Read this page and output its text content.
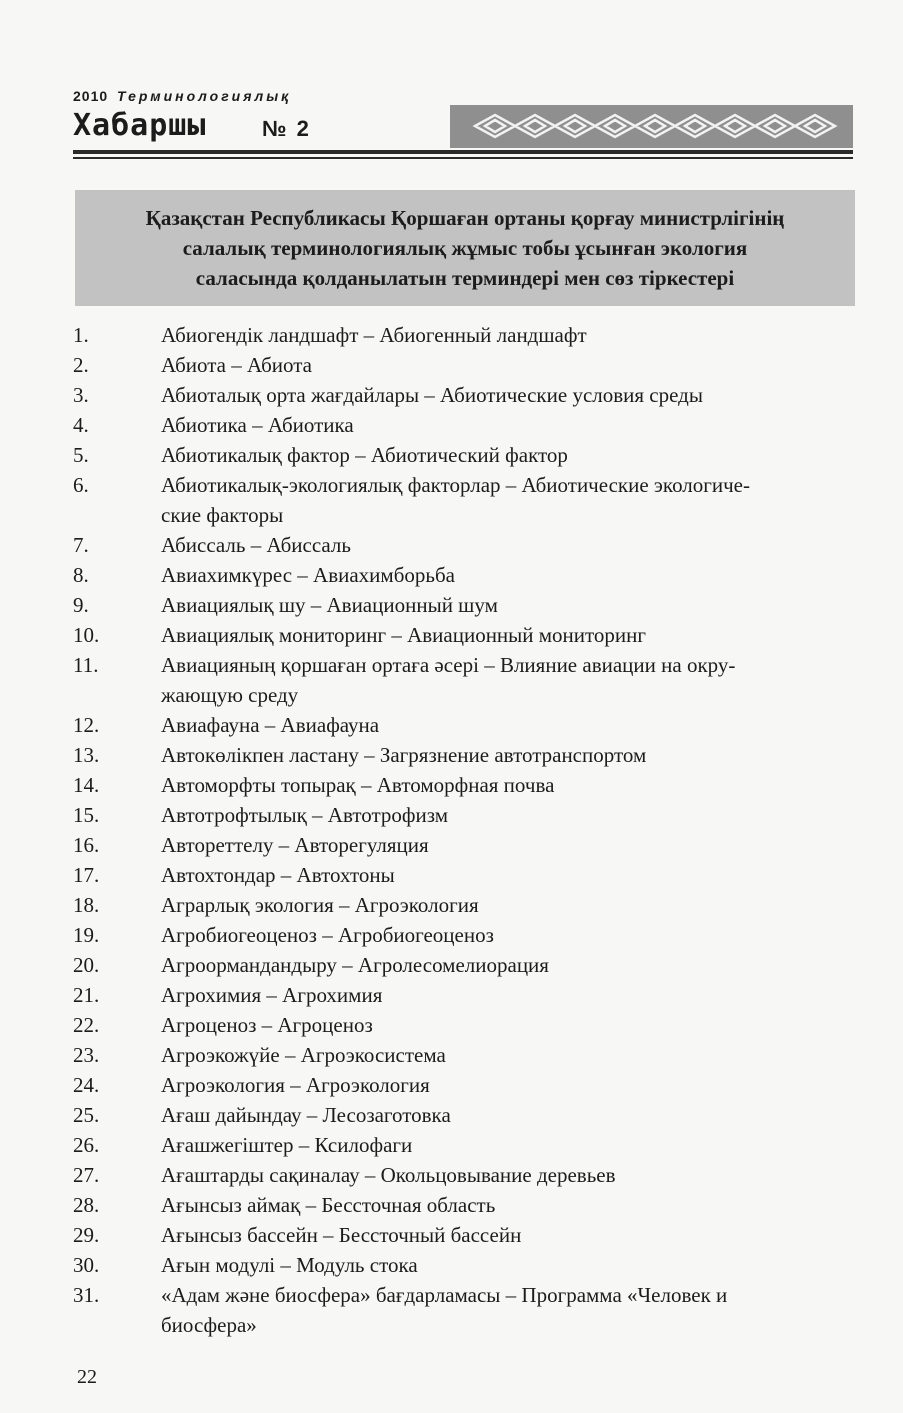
2010 Терминологиялық
Хабаршы	№ 2
Қазақстан Республикасы Қоршаған ортаны қорғау министрлігінің
салалық терминологиялық жұмыс тобы ұсынған экология
саласында қолданылатын терминдері мен сөз тіркестері
1.	Абиогендік ландшафт – Абиогенный ландшафт
2.	Абиота – Абиота
3.	Абиоталық орта жағдайлары – Абиотические условия среды
4.	Абиотика – Абиотика
5.	Абиотикалық фактор – Абиотический фактор
6.	Абиотикалық-экологиялық факторлар – Абиотические экологиче-
ские факторы
7.	Абиссаль – Абиссаль
8.	Авиахимкүрес – Авиахимборьба
9.	Авиациялық шу – Авиационный шум
10.	Авиациялық мониторинг – Авиационный мониторинг
11.	Авиацияның қоршаған ортаға әсері – Влияние авиации на окру-
жающую среду
12.	Авиафауна – Авиафауна
13.	Автокөлікпен ластану – Загрязнение автотранспортом
14.	Автоморфты топырақ – Автоморфная почва
15.	Автотрофтылық – Автотрофизм
16.	Автореттелу – Авторегуляция
17.	Автохтондар – Автохтоны
18.	Аграрлық экология – Агроэкология
19.	Агробиогеоценоз – Агробиогеоценоз
20.	Агроормандандыру – Агролесомелиорация
21.	Агрохимия – Агрохимия
22.	Агроценоз – Агроценоз
23.	Агроэкожүйе – Агроэкосистема
24.	Агроэкология – Агроэкология
25.	Ағаш дайындау – Лесозаготовка
26.	Ағашжегіштер – Ксилофаги
27.	Ағаштарды сақиналау – Окольцовывание деревьев
28.	Ағынсыз аймақ – Бессточная область
29.	Ағынсыз бассейн – Бессточный бассейн
30.	Ағын модулі – Модуль стока
31.	«Адам және биосфера» бағдарламасы – Программа «Человек и
биосфера»
22
